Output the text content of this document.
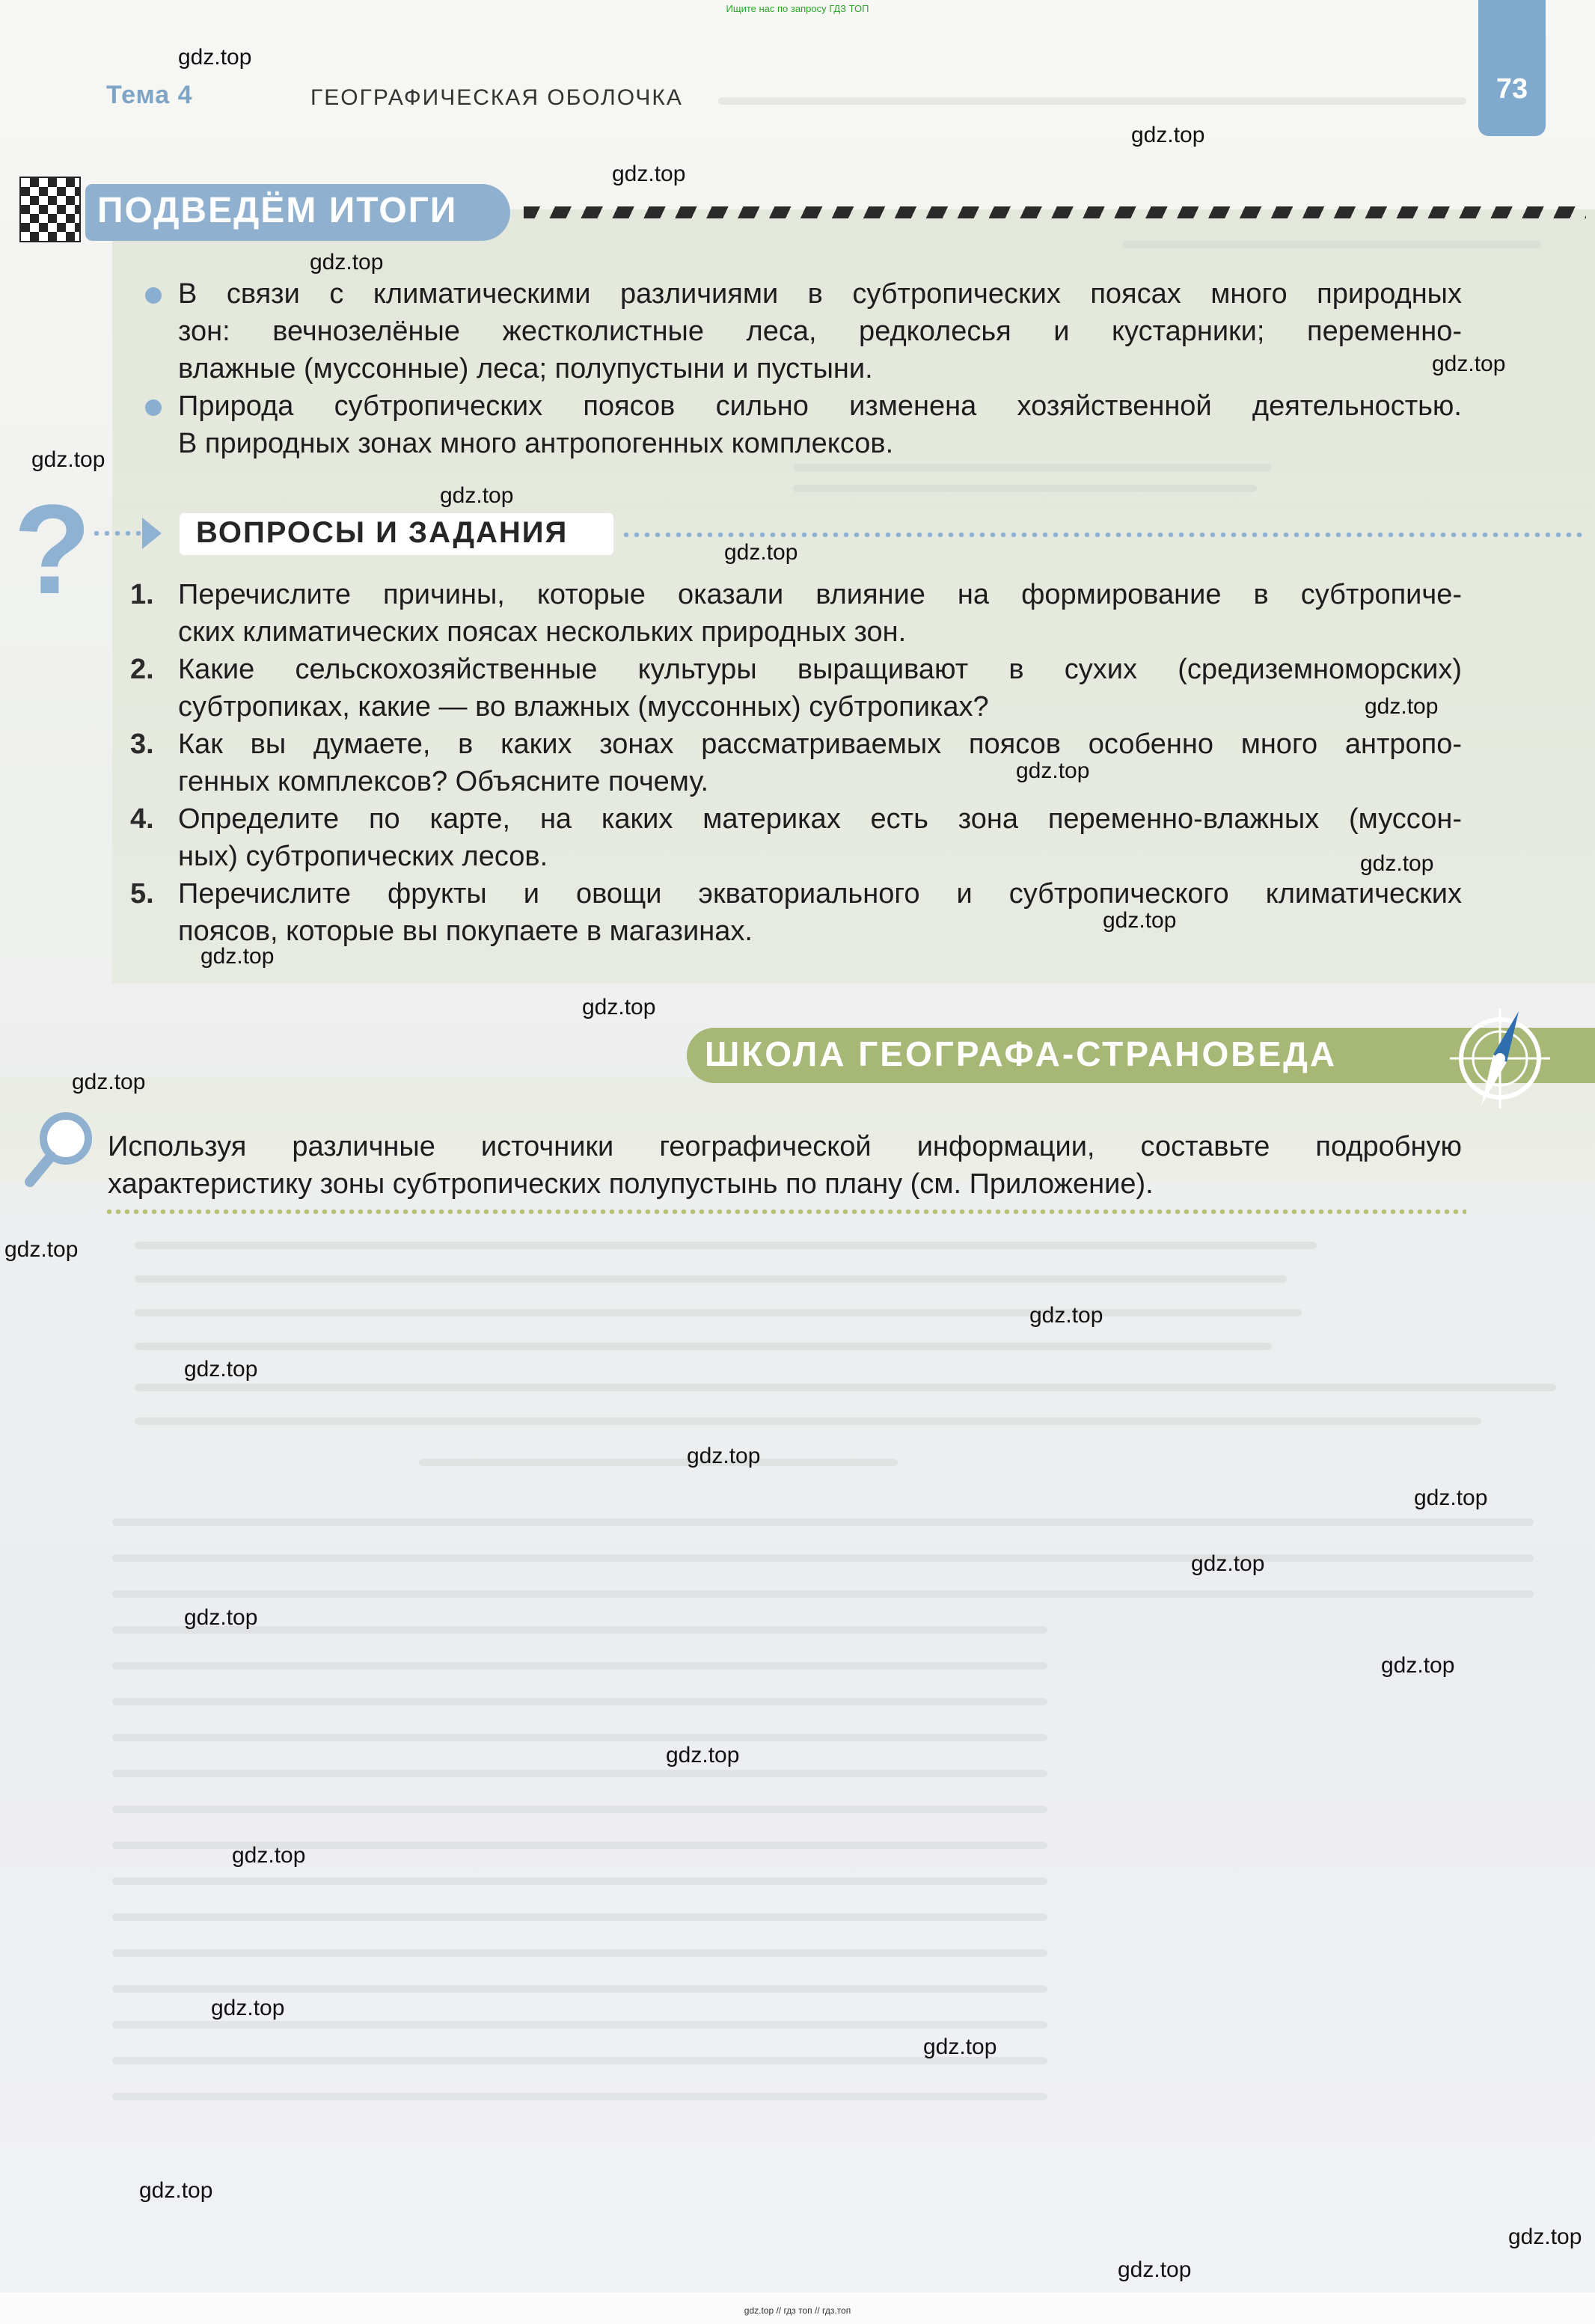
Ищите нас по запросу ГДЗ ТОП
gdz.top // гдз топ // гдз.топ
Тема 4	ГЕОГРАФИЧЕСКАЯ ОБОЛОЧКА	73
ПОДВЕДЁМ ИТОГИ
В связи с климатическими различиями в субтропических поясах много природных
зон: вечнозелёные жестколистные леса, редколесья и кустарники; переменно-
влажные (муссонные) леса; полупустыни и пустыни.
Природа субтропических поясов сильно изменена хозяйственной деятельностью.
В природных зонах много антропогенных комплексов.
?	ВОПРОСЫ И ЗАДАНИЯ
1. Перечислите причины, которые оказали влияние на формирование в субтропиче-
ских климатических поясах нескольких природных зон.
2. Какие сельскохозяйственные культуры выращивают в сухих (средиземноморских)
субтропиках, какие — во влажных (муссонных) субтропиках?
3. Как вы думаете, в каких зонах рассматриваемых поясов особенно много антропо-
генных комплексов? Объясните почему.
4. Определите по карте, на каких материках есть зона переменно-влажных (муссон-
ных) субтропических лесов.
5. Перечислите фрукты и овощи экваториального и субтропического климатических
поясов, которые вы покупаете в магазинах.
ШКОЛА ГЕОГРАФА-СТРАНОВЕДА
Используя различные источники географической информации, составьте подробную
характеристику зоны субтропических полупустынь по плану (см. Приложение).
gdz.top
gdz.top
gdz.top
gdz.top
gdz.top
gdz.top
gdz.top
gdz.top
gdz.top
gdz.top
gdz.top
gdz.top
gdz.top
gdz.top
gdz.top
gdz.top
gdz.top
gdz.top
gdz.top
gdz.top
gdz.top
gdz.top
gdz.top
gdz.top
gdz.top
gdz.top
gdz.top
gdz.top
gdz.top
gdz.top
